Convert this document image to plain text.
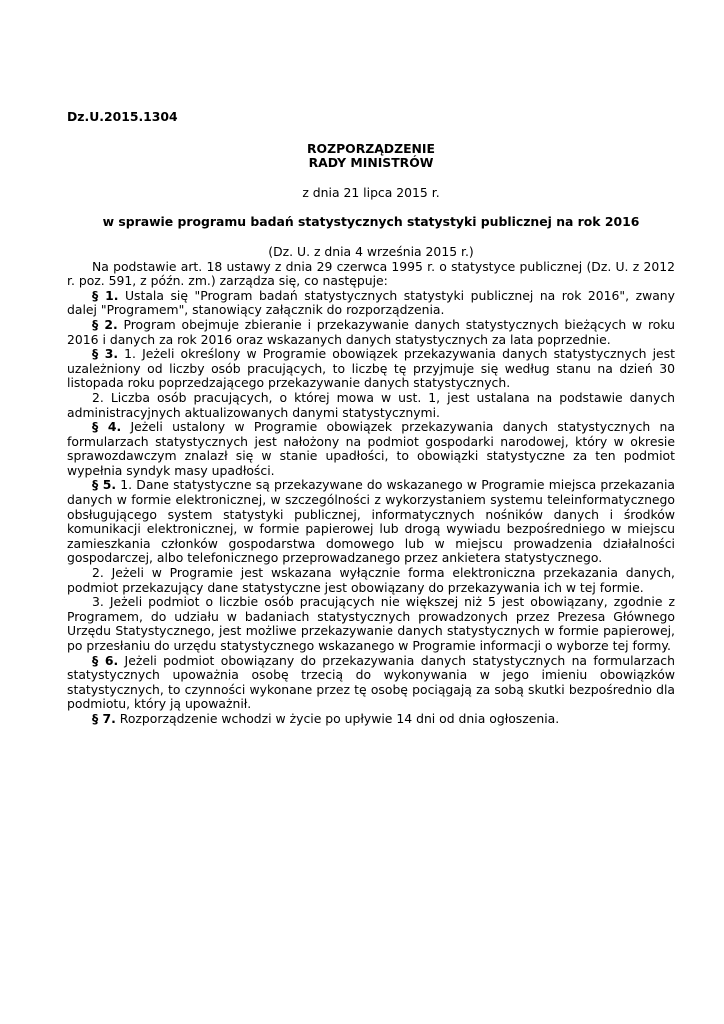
Dz.U.2015.1304

ROZPORZĄDZENIE

RADY MINISTRÓW

z dnia 21 lipca 2015 r.

w sprawie programu badań statystycznych statystyki publicznej na rok 2016

(Dz. U. z dnia 4 września 2015 r.)

Na podstawie art. 18 ustawy z dnia 29 czerwca 1995 r. o statystyce publicznej (Dz. U. z 2012 r. poz. 591, z późn. zm.) zarządza się, co następuje:

§ 1. Ustala się "Program badań statystycznych statystyki publicznej na rok 2016", zwany dalej "Programem", stanowiący załącznik do rozporządzenia.

§ 2. Program obejmuje zbieranie i przekazywanie danych statystycznych bieżących w roku 2016 i danych za rok 2016 oraz wskazanych danych statystycznych za lata poprzednie.

§ 3. 1. Jeżeli określony w Programie obowiązek przekazywania danych statystycznych jest uzależniony od liczby osób pracujących, to liczbę tę przyjmuje się według stanu na dzień 30 listopada roku poprzedzającego przekazywanie danych statystycznych.

2. Liczba osób pracujących, o której mowa w ust. 1, jest ustalana na podstawie danych administracyjnych aktualizowanych danymi statystycznymi.

§ 4. Jeżeli ustalony w Programie obowiązek przekazywania danych statystycznych na formularzach statystycznych jest nałożony na podmiot gospodarki narodowej, który w okresie sprawozdawczym znalazł się w stanie upadłości, to obowiązki statystyczne za ten podmiot wypełnia syndyk masy upadłości.

§ 5. 1. Dane statystyczne są przekazywane do wskazanego w Programie miejsca przekazania danych w formie elektronicznej, w szczególności z wykorzystaniem systemu teleinformatycznego obsługującego system statystyki publicznej, informatycznych nośników danych i środków komunikacji elektronicznej, w formie papierowej lub drogą wywiadu bezpośredniego w miejscu zamieszkania członków gospodarstwa domowego lub w miejscu prowadzenia działalności gospodarczej, albo telefonicznego przeprowadzanego przez ankietera statystycznego.

2. Jeżeli w Programie jest wskazana wyłącznie forma elektroniczna przekazania danych, podmiot przekazujący dane statystyczne jest obowiązany do przekazywania ich w tej formie.

3. Jeżeli podmiot o liczbie osób pracujących nie większej niż 5 jest obowiązany, zgodnie z Programem, do udziału w badaniach statystycznych prowadzonych przez Prezesa Głównego Urzędu Statystycznego, jest możliwe przekazywanie danych statystycznych w formie papierowej, po przesłaniu do urzędu statystycznego wskazanego w Programie informacji o wyborze tej formy.

§ 6. Jeżeli podmiot obowiązany do przekazywania danych statystycznych na formularzach statystycznych upoważnia osobę trzecią do wykonywania w jego imieniu obowiązków statystycznych, to czynności wykonane przez tę osobę pociągają za sobą skutki bezpośrednio dla podmiotu, który ją upoważnił.

§ 7. Rozporządzenie wchodzi w życie po upływie 14 dni od dnia ogłoszenia.
